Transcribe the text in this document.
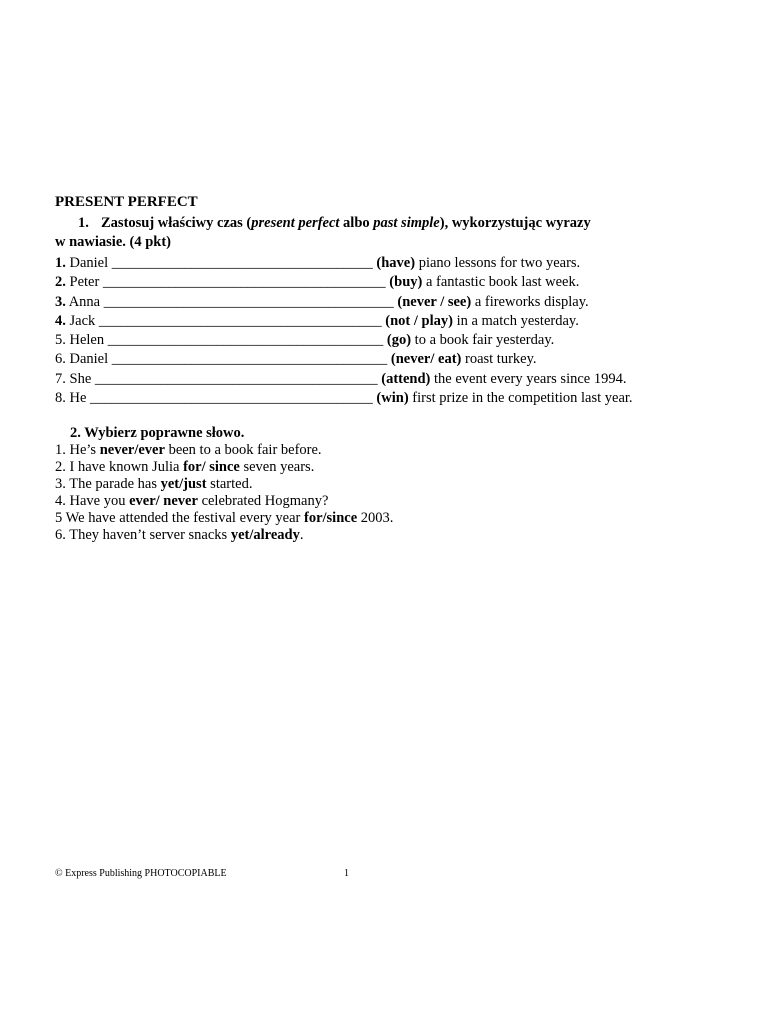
PRESENT PERFECT
1. Zastosuj właściwy czas (present perfect albo past simple), wykorzystując wyrazy
w nawiasie. (4 pkt)
1. Daniel ____________________________________ (have) piano lessons for two years.
2. Peter _______________________________________ (buy) a fantastic book last week.
3. Anna ________________________________________ (never / see) a fireworks display.
4. Jack _______________________________________ (not / play) in a match yesterday.
5. Helen ______________________________________ (go) to a book fair yesterday.
6. Daniel ______________________________________ (never/ eat) roast turkey.
7. She _______________________________________ (attend) the event every years since 1994.
8. He _______________________________________ (win) first prize in the competition last year.
2. Wybierz poprawne słowo.
1. He’s never/ever been to a book fair before.
2. I have known Julia for/ since seven years.
3. The parade has yet/just started.
4. Have you ever/ never celebrated Hogmany?
5 We have attended the festival every year for/since 2003.
6. They haven’t server snacks yet/already.
© Express Publishing PHOTOCOPIABLE	1
